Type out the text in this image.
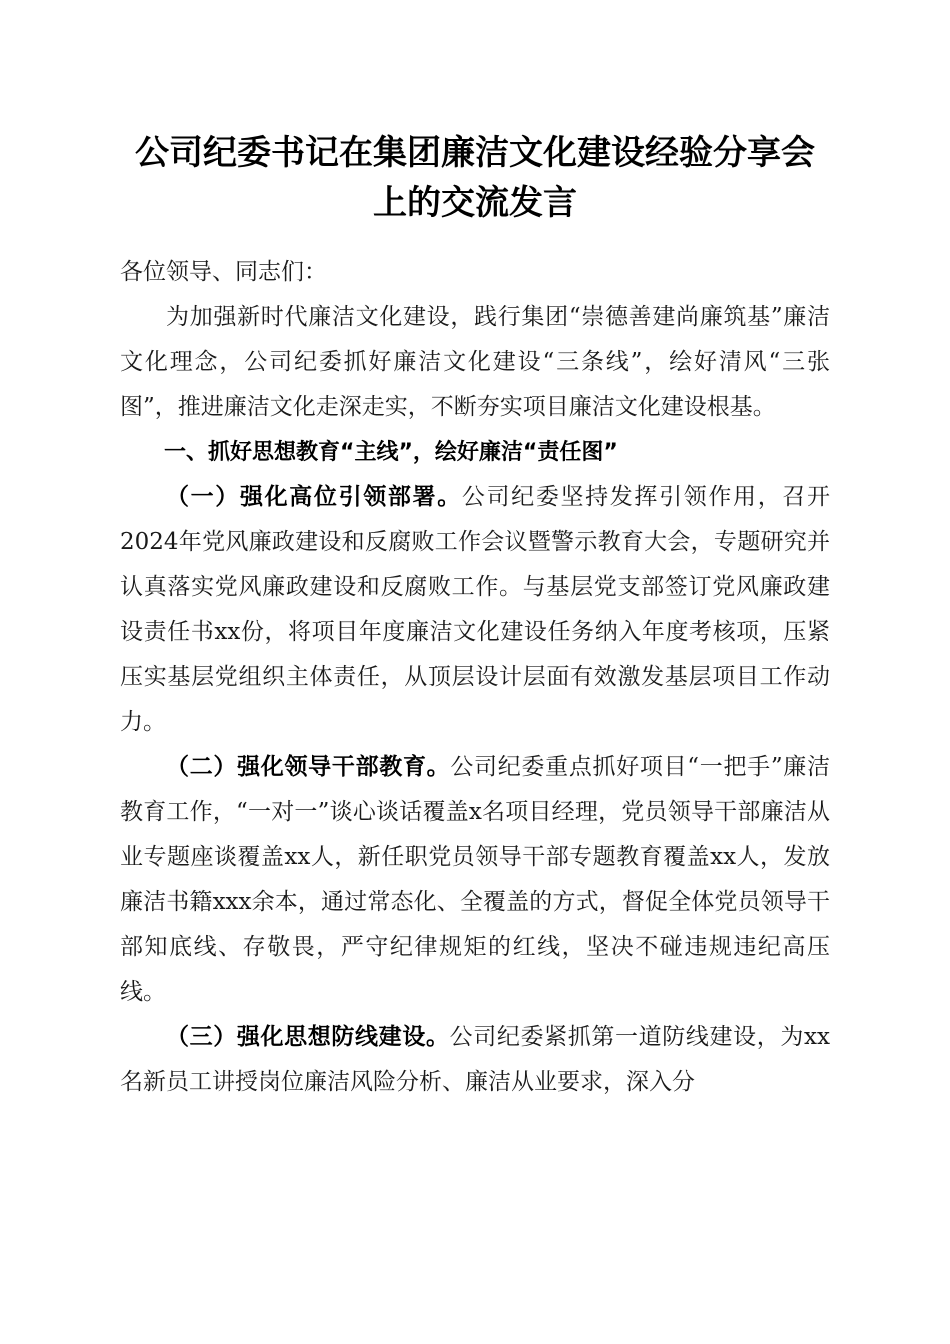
公司纪委书记在集团廉洁文化建设经验分享会
上的交流发言

各位领导、同志们：

为加强新时代廉洁文化建设，践行集团“崇德善建尚廉筑基”廉洁文化理念，公司纪委抓好廉洁文化建设“三条线”，绘好清风“三张图”，推进廉洁文化走深走实，不断夯实项目廉洁文化建设根基。

一、抓好思想教育“主线”，绘好廉洁“责任图”

（一）强化高位引领部署。公司纪委坚持发挥引领作用，召开2024年党风廉政建设和反腐败工作会议暨警示教育大会，专题研究并认真落实党风廉政建设和反腐败工作。与基层党支部签订党风廉政建设责任书xx份，将项目年度廉洁文化建设任务纳入年度考核项，压紧压实基层党组织主体责任，从顶层设计层面有效激发基层项目工作动力。

（二）强化领导干部教育。公司纪委重点抓好项目“一把手”廉洁教育工作，“一对一”谈心谈话覆盖x名项目经理，党员领导干部廉洁从业专题座谈覆盖xx人，新任职党员领导干部专题教育覆盖xx人，发放廉洁书籍xxx余本，通过常态化、全覆盖的方式，督促全体党员领导干部知底线、存敬畏，严守纪律规矩的红线，坚决不碰违规违纪高压线。

（三）强化思想防线建设。公司纪委紧抓第一道防线建设，为xx名新员工讲授岗位廉洁风险分析、廉洁从业要求，深入分
